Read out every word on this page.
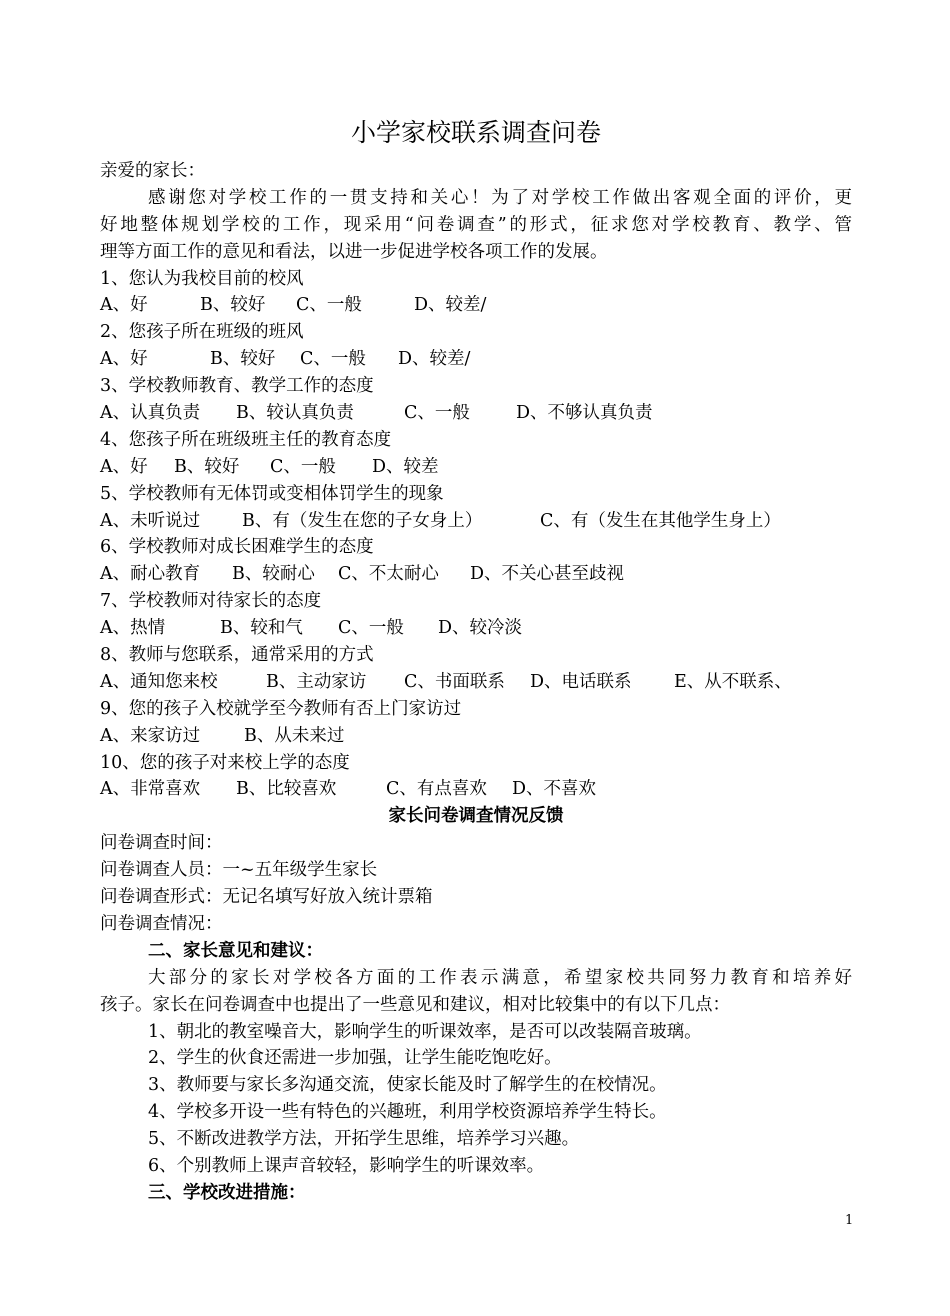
小学家校联系调查问卷
亲爱的家长：
感谢您对学校工作的一贯支持和关心！为了对学校工作做出客观全面的评价，更
好地整体规划学校的工作，现采用“问卷调查”的形式，征求您对学校教育、教学、管
理等方面工作的意见和看法，以进一步促进学校各项工作的发展。
1、您认为我校目前的校风
A、好	B、较好 C、一般	D、较差/
2、您孩子所在班级的班风
A、好	B、较好 C、一般 D、较差/
3、学校教师教育、教学工作的态度
A、认真负责 B、较认真负责	C、一般	D、不够认真负责
4、您孩子所在班级班主任的教育态度
A、好 B、较好 C、一般 D、较差
5、学校教师有无体罚或变相体罚学生的现象
A、未听说过 B、有（发生在您的子女身上）	C、有（发生在其他学生身上）
6、学校教师对成长困难学生的态度
A、耐心教育 B、较耐心 C、不太耐心 D、不关心甚至歧视
7、学校教师对待家长的态度
A、热情	B、较和气 C、一般 D、较冷淡
8、教师与您联系，通常采用的方式
A、通知您来校	B、主动家访 C、书面联系 D、电话联系 E、从不联系、
9、您的孩子入校就学至今教师有否上门家访过
A、来家访过	B、从未来过
10、您的孩子对来校上学的态度
A、非常喜欢 B、比较喜欢	C、有点喜欢 D、不喜欢
家长问卷调查情况反馈
问卷调查时间：
问卷调查人员：一~五年级学生家长
问卷调查形式：无记名填写好放入统计票箱
问卷调查情况：
二、家长意见和建议：
大部分的家长对学校各方面的工作表示满意，希望家校共同努力教育和培养好
孩子。家长在问卷调查中也提出了一些意见和建议，相对比较集中的有以下几点：
1、朝北的教室噪音大，影响学生的听课效率，是否可以改装隔音玻璃。
2、学生的伙食还需进一步加强，让学生能吃饱吃好。
3、教师要与家长多沟通交流，使家长能及时了解学生的在校情况。
4、学校多开设一些有特色的兴趣班，利用学校资源培养学生特长。
5、不断改进教学方法，开拓学生思维，培养学习兴趣。
6、个别教师上课声音较轻，影响学生的听课效率。
三、学校改进措施：
1
